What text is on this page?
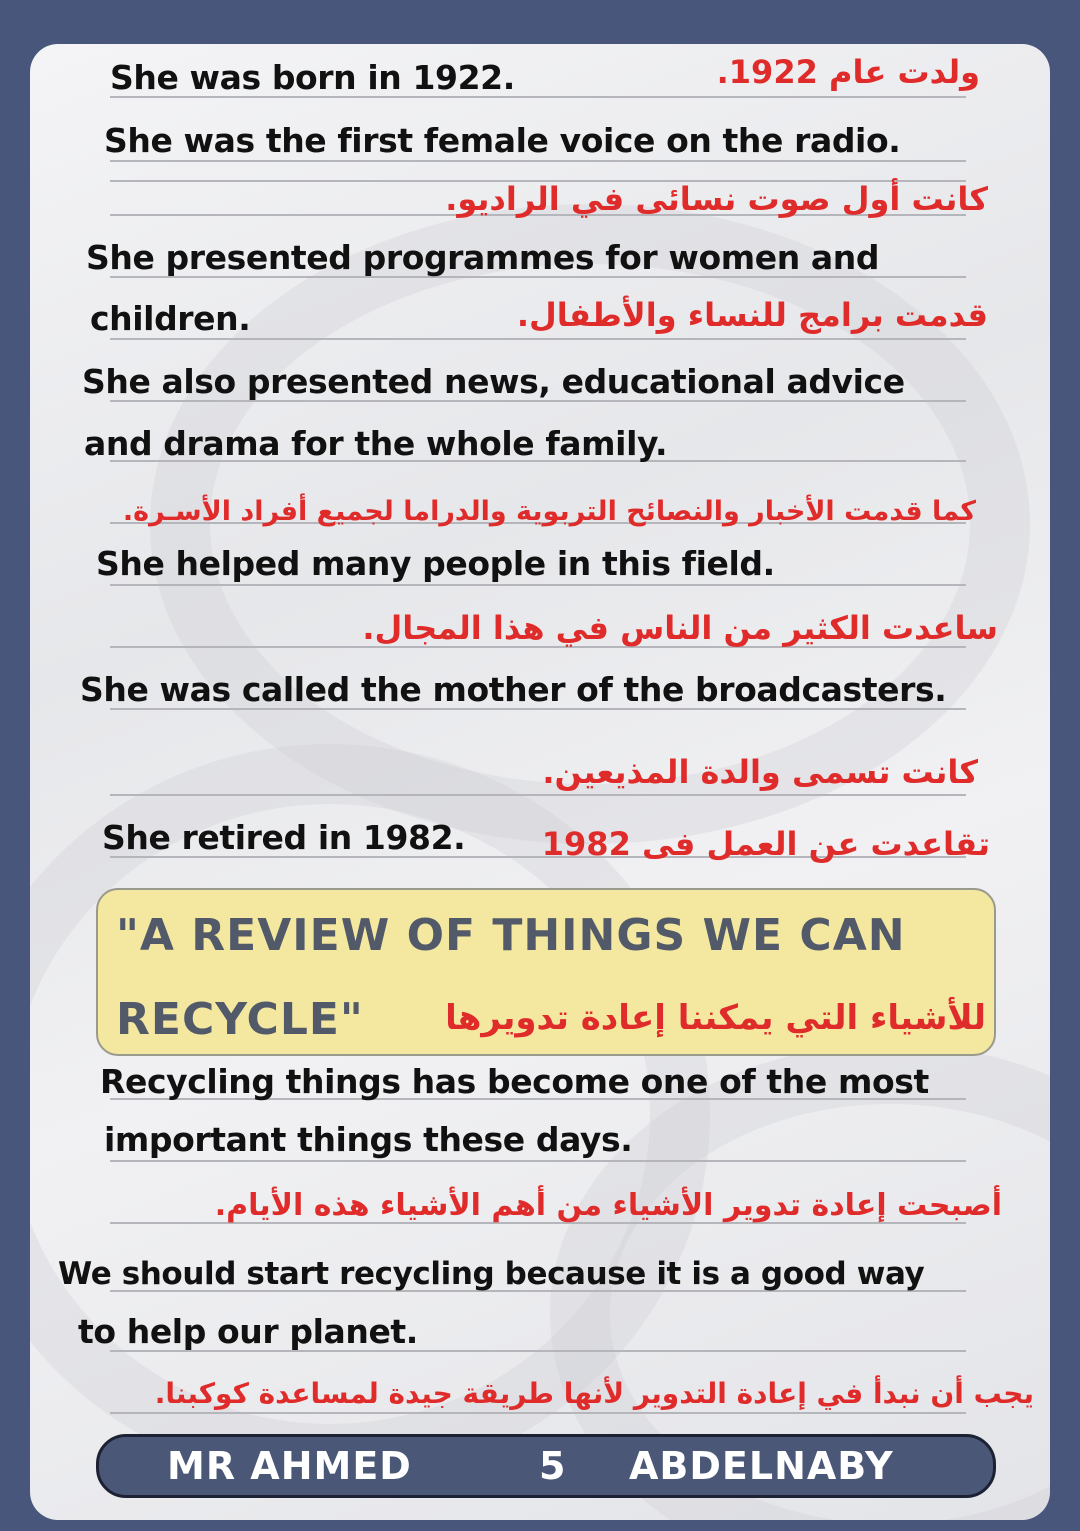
She was born in 1922.	ولدت عام 1922.

She was the first female voice on the radio.

كانت أول صوت نسائى في الراديو.

She presented programmes for women and

children.	قدمت برامج للنساء والأطفال.

She also presented news, educational advice

and drama for the whole family.

كما قدمت الأخبار والنصائح التربوية والدراما لجميع أفراد الأسـرة.

She helped many people in this field.

ساعدت الكثير من الناس في هذا المجال.

She was called the mother of the broadcasters.

كانت تسمى والدة المذيعين.

She retired in 1982. تقاعدت عن العمل فى 1982

"A REVIEW OF THINGS WE CAN

RECYCLE" للأشياء التي يمكننا إعادة تدويرها

Recycling things has become one of the most

important things these days.

أصبحت إعادة تدوير الأشياء من أهم الأشياء هذه الأيام.

We should start recycling because it is a good way

to help our planet.

يجب أن نبدأ في إعادة التدوير لأنها طريقة جيدة لمساعدة كوكبنا.

MR AHMED	5 ABDELNABY
